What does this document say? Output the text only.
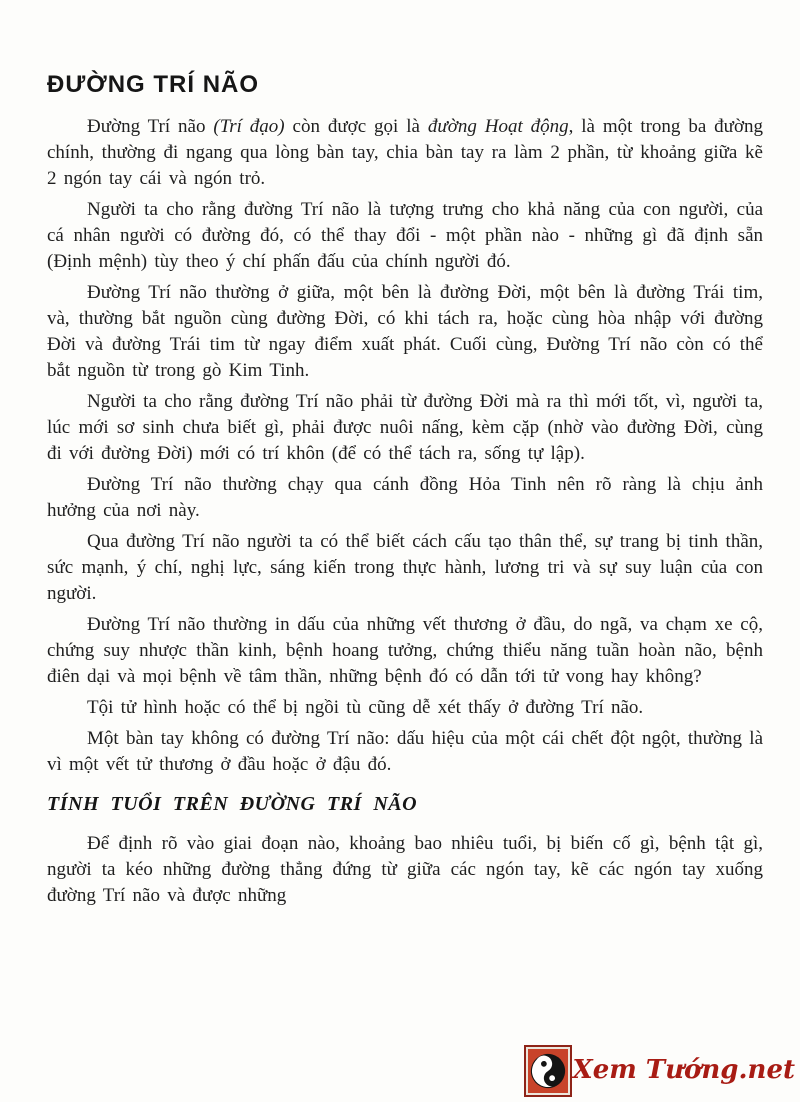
ĐƯỜNG TRÍ NÃO

Đường Trí não (Trí đạo) còn được gọi là đường Hoạt động, là một trong ba đường chính, thường đi ngang qua lòng bàn tay, chia bàn tay ra làm 2 phần, từ khoảng giữa kẽ 2 ngón tay cái và ngón trỏ.

Người ta cho rằng đường Trí não là tượng trưng cho khả năng của con người, của cá nhân người có đường đó, có thể thay đổi - một phần nào - những gì đã định sẵn (Định mệnh) tùy theo ý chí phấn đấu của chính người đó.

Đường Trí não thường ở giữa, một bên là đường Đời, một bên là đường Trái tim, và, thường bắt nguồn cùng đường Đời, có khi tách ra, hoặc cùng hòa nhập với đường Đời và đường Trái tim từ ngay điểm xuất phát. Cuối cùng, Đường Trí não còn có thể bắt nguồn từ trong gò Kim Tinh.

Người ta cho rằng đường Trí não phải từ đường Đời mà ra thì mới tốt, vì, người ta, lúc mới sơ sinh chưa biết gì, phải được nuôi nấng, kèm cặp (nhờ vào đường Đời, cùng đi với đường Đời) mới có trí khôn (để có thể tách ra, sống tự lập).

Đường Trí não thường chạy qua cánh đồng Hỏa Tinh nên rõ ràng là chịu ảnh hưởng của nơi này.

Qua đường Trí não người ta có thể biết cách cấu tạo thân thể, sự trang bị tinh thần, sức mạnh, ý chí, nghị lực, sáng kiến trong thực hành, lương tri và sự suy luận của con người.

Đường Trí não thường in dấu của những vết thương ở đầu, do ngã, va chạm xe cộ, chứng suy nhược thần kinh, bệnh hoang tưởng, chứng thiểu năng tuần hoàn não, bệnh điên dại và mọi bệnh về tâm thần, những bệnh đó có dẫn tới tử vong hay không?

Tội tử hình hoặc có thể bị ngồi tù cũng dễ xét thấy ở đường Trí não.

Một bàn tay không có đường Trí não: dấu hiệu của một cái chết đột ngột, thường là vì một vết tử thương ở đầu hoặc ở đậu đó.

TÍNH TUỔI TRÊN ĐƯỜNG TRÍ NÃO

Để định rõ vào giai đoạn nào, khoảng bao nhiêu tuổi, bị biến cố gì, bệnh tật gì, người ta kéo những đường thẳng đứng từ giữa các ngón tay, kẽ các ngón tay xuống đường Trí não và được những

Xem Tướng.net
